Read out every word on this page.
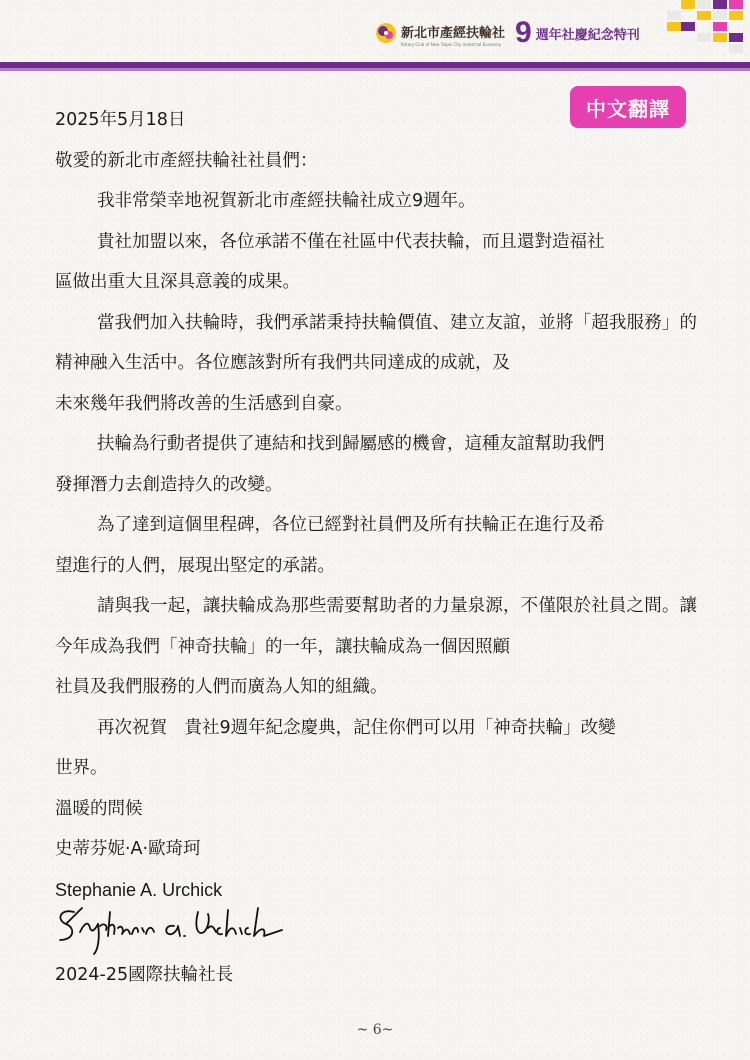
新北市產經扶輪社
Rotary Club of New Taipei City Industrial Economy 9 週年社慶紀念特刊
中文翻譯

2025年5月18日

敬愛的新北市產經扶輪社社員們：

我非常榮幸地祝賀新北市產經扶輪社成立9週年。

貴社加盟以來，各位承諾不僅在社區中代表扶輪，而且還對造福社
區做出重大且深具意義的成果。

當我們加入扶輪時，我們承諾秉持扶輪價值、建立友誼，並將「超我服務」的精神融入生活中。各位應該對所有我們共同達成的成就，及
未來幾年我們將改善的生活感到自豪。

扶輪為行動者提供了連結和找到歸屬感的機會，這種友誼幫助我們
發揮潛力去創造持久的改變。

為了達到這個里程碑，各位已經對社員們及所有扶輪正在進行及希
望進行的人們，展現出堅定的承諾。

請與我一起，讓扶輪成為那些需要幫助者的力量泉源，不僅限於社員之間。讓今年成為我們「神奇扶輪」的一年，讓扶輪成為一個因照顧
社員及我們服務的人們而廣為人知的組織。

再次祝賀　貴社9週年紀念慶典，記住你們可以用「神奇扶輪」改變
世界。

溫暖的問候

史蒂芬妮·A·歐琦珂

Stephanie A. Urchick

2024-25國際扶輪社長
~ 6~
